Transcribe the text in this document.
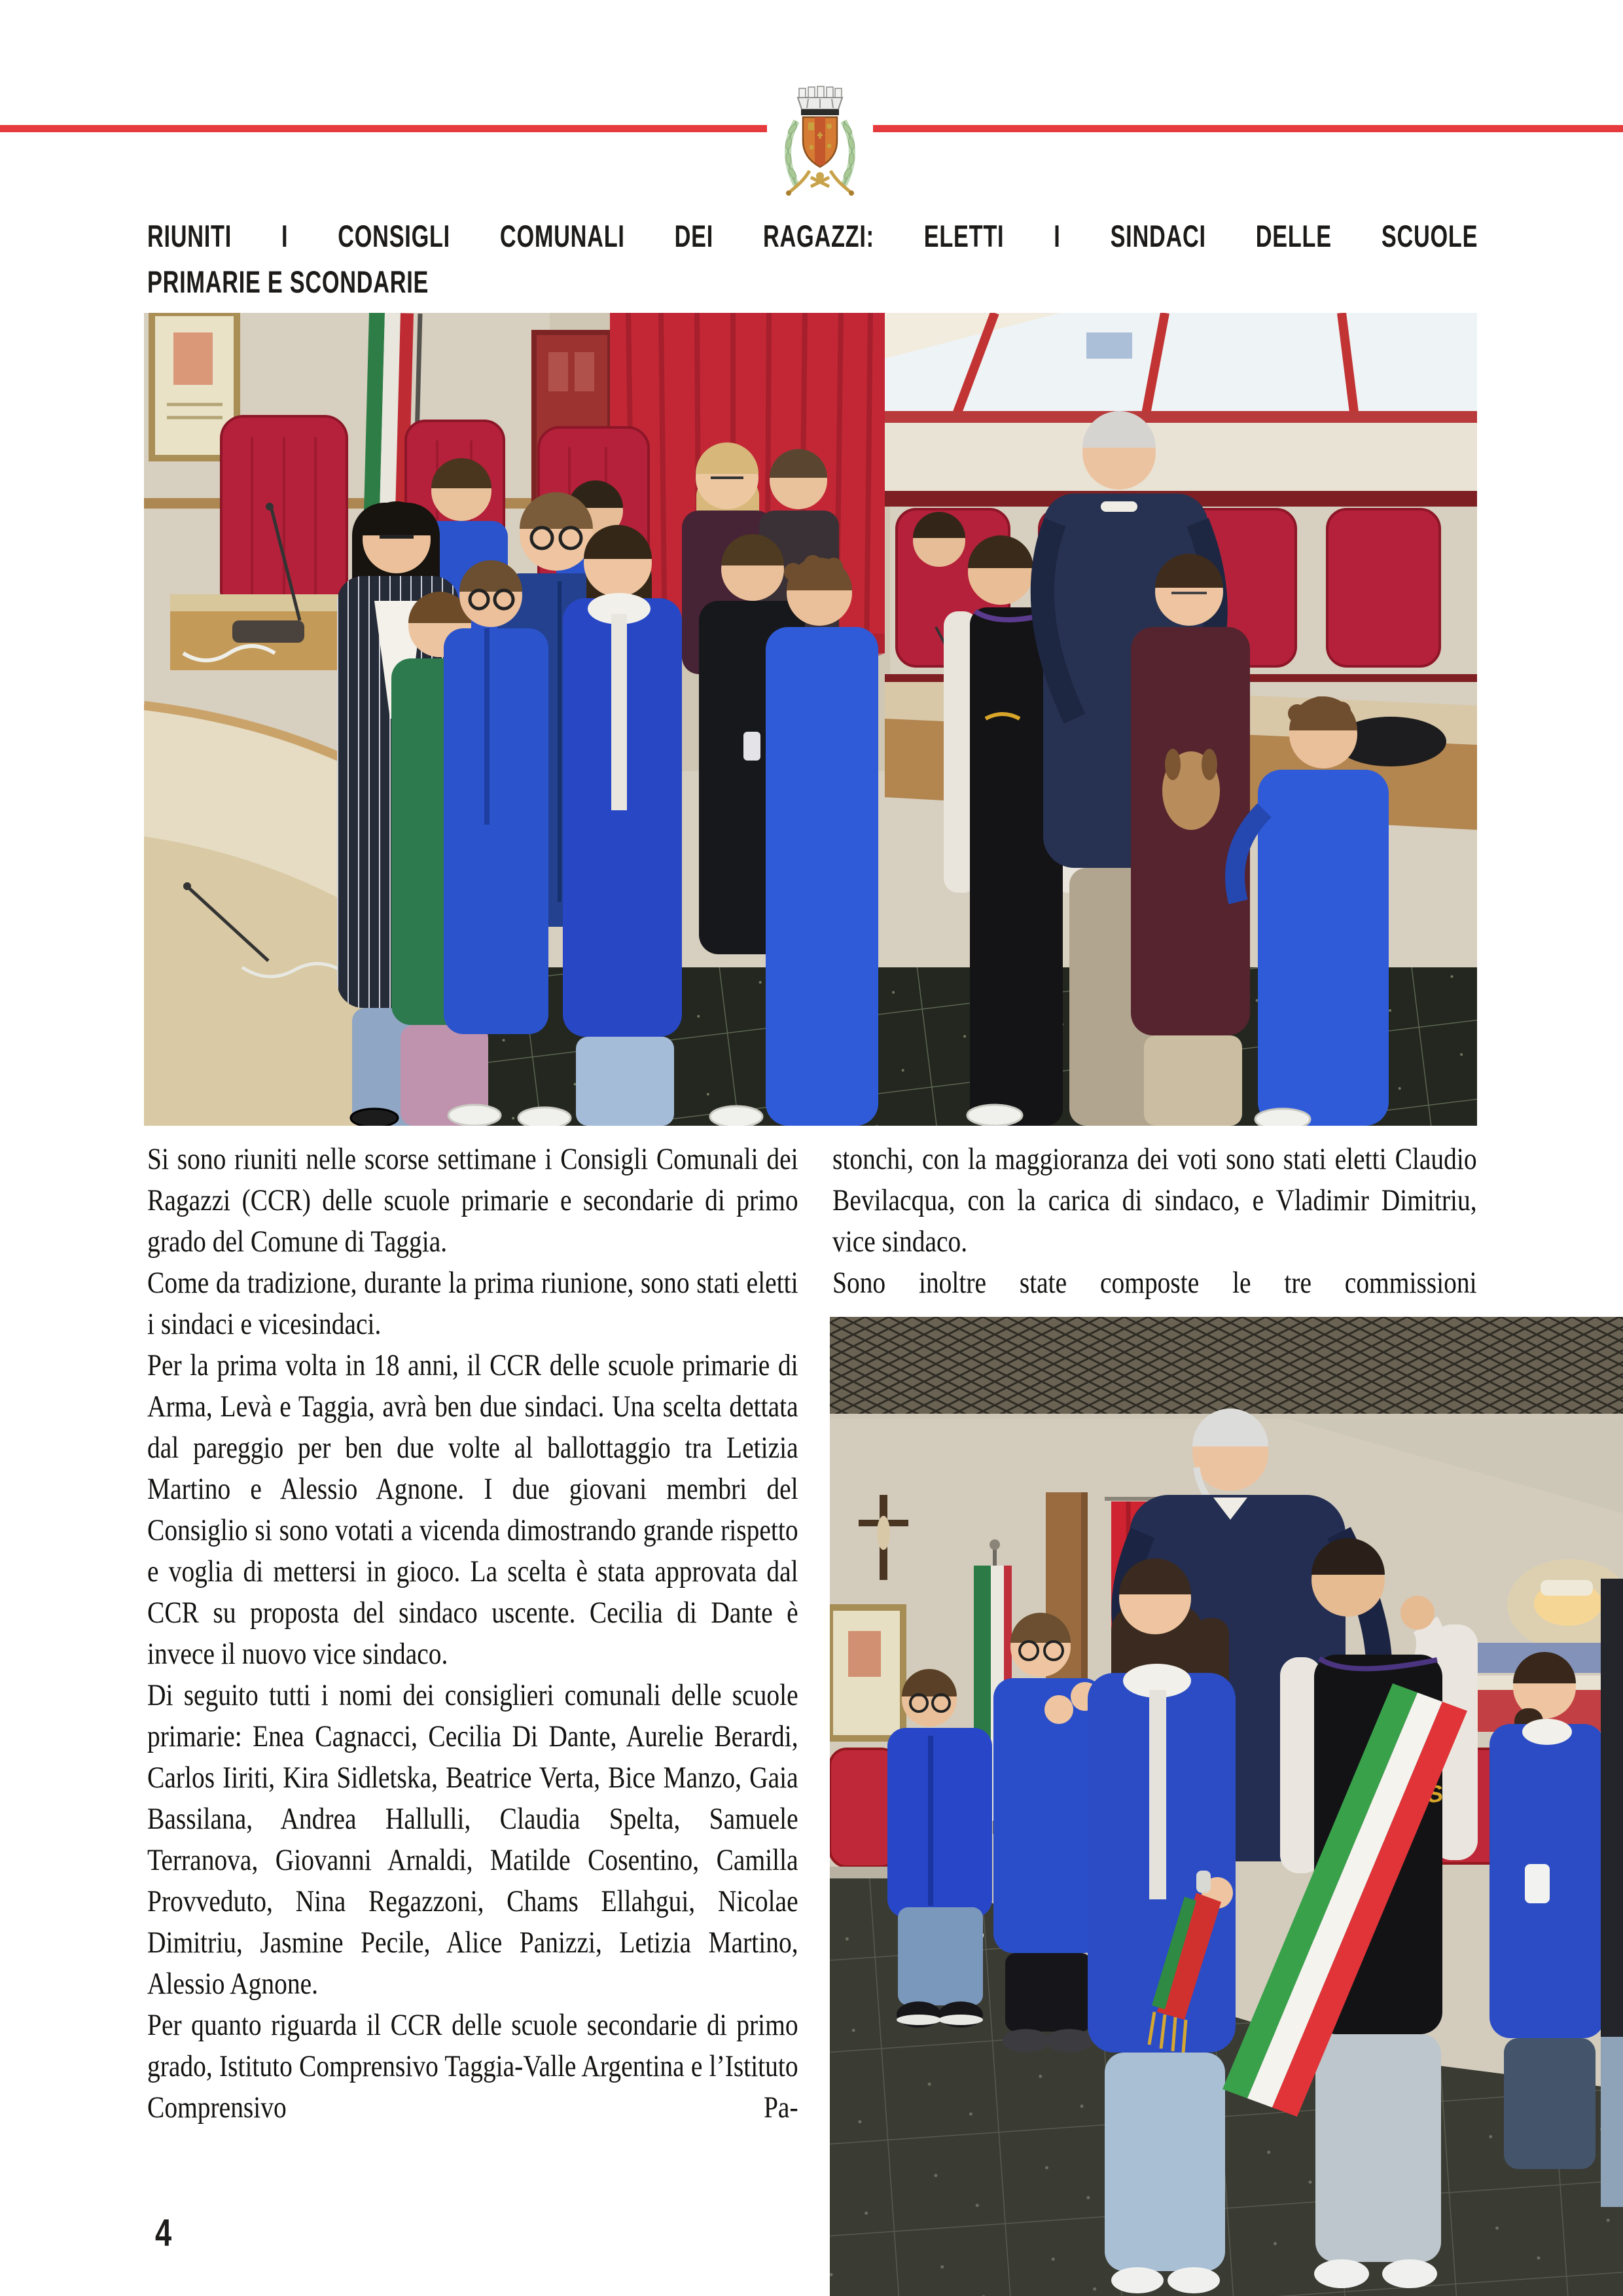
RIUNITI I CONSIGLI COMUNALI DEI RAGAZZI: ELETTI I SINDACI DELLE SCUOLE
PRIMARIE E SCONDARIE

Si sono riuniti nelle scorse settimane i Consigli Comunali dei Ragazzi (CCR) delle scuole primarie e secondarie di primo grado del Comune di Taggia.

Come da tradizione, durante la prima riunione, sono stati eletti i sindaci e vicesindaci.

Per la prima volta in 18 anni, il CCR delle scuole primarie di Arma, Levà e Taggia, avrà ben due sindaci. Una scelta dettata dal pareggio per ben due volte al ballottaggio tra Letizia Martino e Alessio Agnone. I due giovani membri del Consiglio si sono votati a vicenda dimostrando grande rispetto e voglia di mettersi in gioco. La scelta è stata approvata dal CCR su proposta del sindaco uscente. Cecilia di Dante è invece il nuovo vice sindaco.

Di seguito tutti i nomi dei consiglieri comunali delle scuole primarie: Enea Cagnacci, Cecilia Di Dante, Aurelie Berardi, Carlos Iiriti, Kira Sidletska, Beatrice Verta, Bice Manzo, Gaia Bassilana, Andrea Hallulli, Claudia Spelta, Samuele Terranova, Giovanni Arnaldi, Matilde Cosentino, Camilla Provveduto, Nina Regazzoni, Chams Ellahgui, Nicolae Dimitriu, Jasmine Pecile, Alice Panizzi, Letizia Martino, Alessio Agnone.

Per quanto riguarda il CCR delle scuole secondarie di primo grado, Istituto Comprensivo Taggia-Valle Argentina e l’Istituto Comprensivo Pa-

stonchi, con la maggioranza dei voti sono stati eletti Claudio Bevilacqua, con la carica di sindaco, e Vladimir Dimitriu, vice sindaco.

Sono inoltre state composte le tre commissioni

4
